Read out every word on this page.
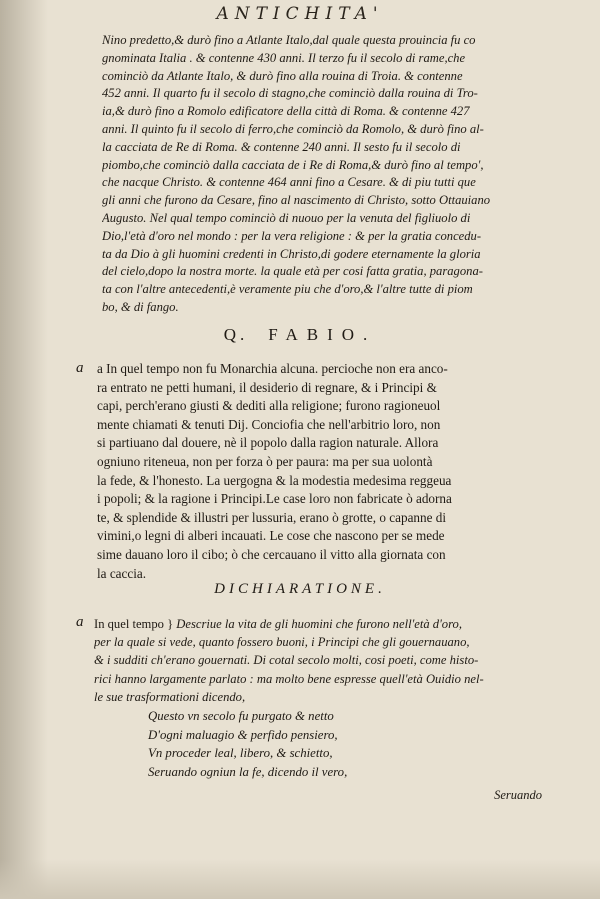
ANTICHITA'
Nino predetto,& durò fino a Atlante Italo,dal quale questa prouincia fu co
gnominata Italia . & contenne 430 anni. Il terzo fu il secolo di rame,che
cominciò da Atlante Italo, & durò fino alla rouina di Troia. & contenne
452 anni. Il quarto fu il secolo di stagno,che cominciò dalla rouina di Tro-
ia,& durò fino a Romolo edificatore della città di Roma. & contenne 427
anni. Il quinto fu il secolo di ferro,che cominciò da Romolo, & durò fino al-
la cacciata de Re di Roma. & contenne 240 anni. Il sesto fu il secolo di
piombo,che cominciò dalla cacciata de i Re di Roma,& durò fino al tempo',
che nacque Christo. & contenne 464 anni fino a Cesare. & di piu tutti que
gli anni che furono da Cesare, fino al nascimento di Christo, sotto Ottauiano
Augusto. Nel qual tempo cominciò di nuouo per la venuta del figliuolo di
Dio,l'età d'oro nel mondo : per la vera religione : & per la gratia concedu-
ta da Dio à gli huomini credenti in Christo,di godere eternamente la gloria
del cielo,dopo la nostra morte. la quale età per cosi fatta gratia, paragona-
ta con l'altre antecedenti,è veramente piu che d'oro,& l'altre tutte di piom
bo, & di fango.
Q. FABIO.
a a In quel tempo non fu Monarchia alcuna. percioche non era anco-
ra entrato ne petti humani, il desiderio di regnare, & i Principi &
capi, perch'erano giusti & dediti alla religione; furono ragioneuol
mente chiamati & tenuti Dij. Conciofia che nell'arbitrio loro, non
si partiuano dal douere, nè il popolo dalla ragion naturale. Allora
ogniuno riteneua, non per forza ò per paura: ma per sua uolontà
la fede, & l'honesto. La uergogna & la modestia medesima reggeua
i popoli; & la ragione i Principi.Le case loro non fabricate ò adorna
te, & splendide & illustri per lussuria, erano ò grotte, o capanne di
vimini,o legni di alberi incauati. Le cose che nascono per se mede
sime dauano loro il cibo; ò che cercauano il vitto alla giornata con
la caccia.
DICHIARATIONE.
a In quel tempo } Descriue la vita de gli huomini che furono nell'età d'oro,
per la quale si vede, quanto fossero buoni, i Principi che gli gouernauano,
& i sudditi ch'erano gouernati. Di cotal secolo molti, cosi poeti, come histo-
rici hanno largamente parlato : ma molto bene espresse quell'età Ouidio nel-
le sue trasformationi dicendo,
Questo vn secolo fu purgato & netto
D'ogni maluagio & perfido pensiero,
Vn proceder leal, libero, & schietto,
Seruando ogniun la fe, dicendo il vero,
Seruando
